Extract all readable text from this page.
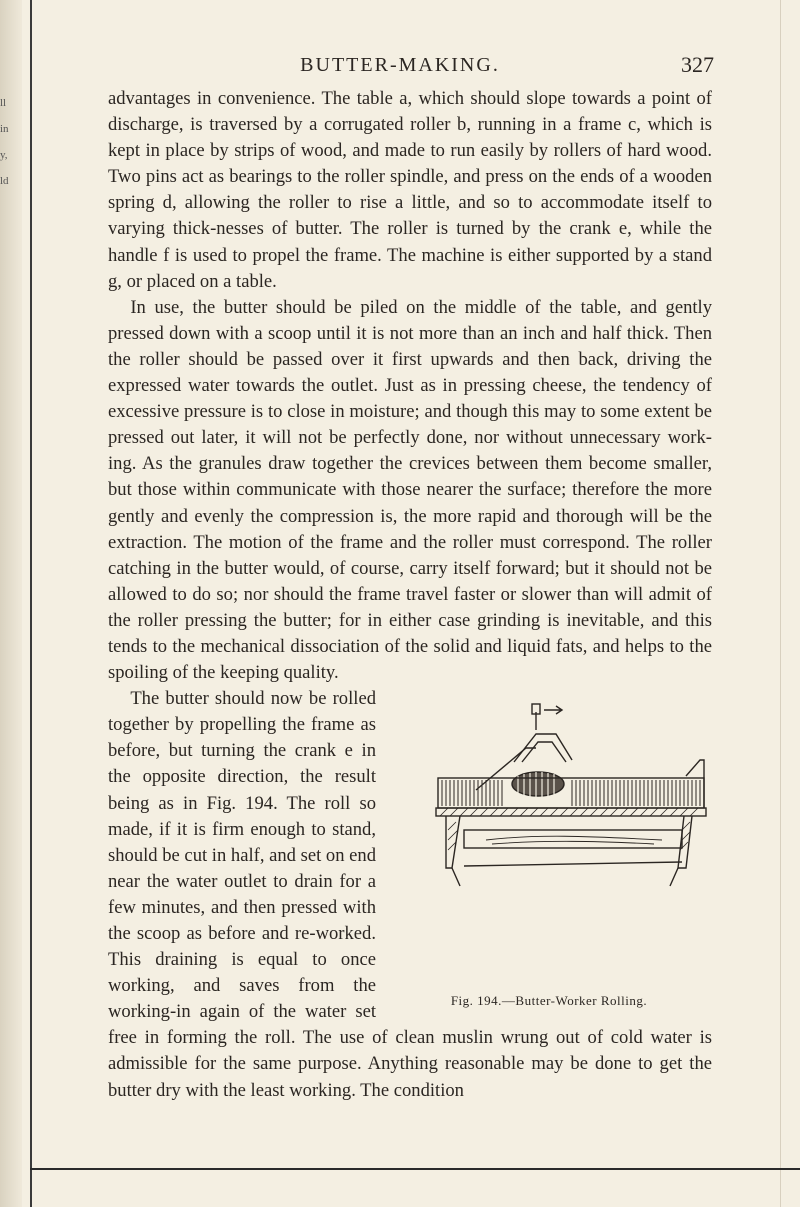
ll
in
y,
ld
BUTTER-MAKING.	327

advantages in convenience. The table a, which should slope towards a point of discharge, is traversed by a corrugated roller b, running in a frame c, which is kept in place by strips of wood, and made to run easily by rollers of hard wood. Two pins act as bearings to the roller spindle, and press on the ends of a wooden spring d, allowing the roller to rise a little, and so to accommodate itself to varying thick-nesses of butter. The roller is turned by the crank e, while the handle f is used to propel the frame. The machine is either supported by a stand g, or placed on a table.

In use, the butter should be piled on the middle of the table, and gently pressed down with a scoop until it is not more than an inch and half thick. Then the roller should be passed over it first upwards and then back, driving the expressed water towards the outlet. Just as in pressing cheese, the tendency of excessive pressure is to close in moisture; and though this may to some extent be pressed out later, it will not be perfectly done, nor without unnecessary work-ing. As the granules draw together the crevices between them become smaller, but those within communicate with those nearer the surface; therefore the more gently and evenly the compression is, the more rapid and thorough will be the extraction. The motion of the frame and the roller must correspond. The roller catching in the butter would, of course, carry itself forward; but it should not be allowed to do so; nor should the frame travel faster or slower than will admit of the roller pressing the butter; for in either case grinding is inevitable, and this tends to the mechanical dissociation of the solid and liquid fats, and helps to the spoiling of the keeping quality.

Fig. 194.—Butter-Worker Rolling.

The butter should now be rolled together by propelling the frame as before, but turning the crank e in the opposite direction, the result being as in Fig. 194. The roll so made, if it is firm enough to stand, should be cut in half, and set on end near the water outlet to drain for a few minutes, and then pressed with the scoop as before and re-worked. This draining is equal to once working, and saves from the working-in again of the water set free in forming the roll. The use of clean muslin wrung out of cold water is admissible for the same purpose. Anything reasonable may be done to get the butter dry with the least working. The condition
